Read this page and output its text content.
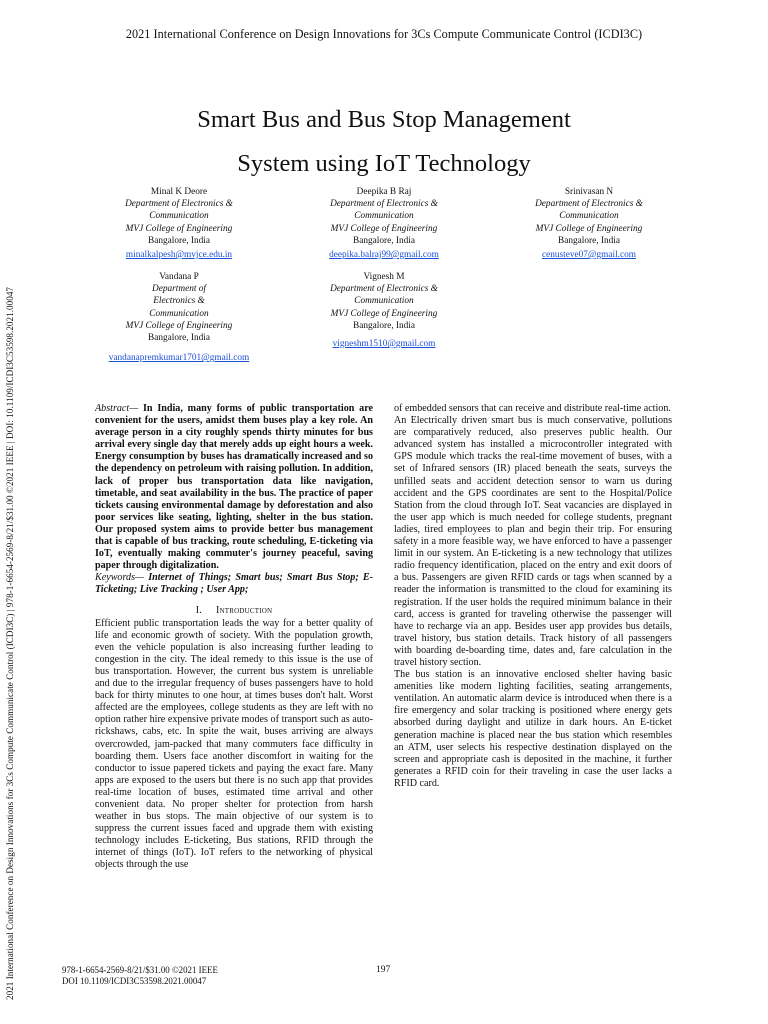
2021 International Conference on Design Innovations for 3Cs Compute Communicate Control (ICDI3C)
2021 International Conference on Design Innovations for 3Cs Compute Communicate Control (ICDI3C) | 978-1-6654-2569-8/21/$31.00 ©2021 IEEE | DOI: 10.1109/ICDI3C53598.2021.00047
Smart Bus and Bus Stop Management
System using IoT Technology
Minal K Deore
Department of Electronics & Communication
MVJ College of Engineering
Bangalore, India
minalkalpesh@mvjce.edu.in
Deepika B Raj
Department of Electronics & Communication
MVJ College of Engineering
Bangalore, India
deepika.balraj99@gmail.com
Srinivasan N
Department of Electronics & Communication
MVJ College of Engineering
Bangalore, India
cenusteve07@gmail.com
Vandana P
Department of Electronics & Communication
MVJ College of Engineering
Bangalore, India
vandanapremkumar1701@gmail.com
Vignesh M
Department of Electronics & Communication
MVJ College of Engineering
Bangalore, India
vigneshm1510@gmail.com

Abstract— In India, many forms of public transportation are convenient for the users, amidst them buses play a key role. An average person in a city roughly spends thirty minutes for bus arrival every single day that merely adds up eight hours a week. Energy consumption by buses has dramatically increased and so the dependency on petroleum with raising pollution. In addition, lack of proper bus transportation data like navigation, timetable, and seat availability in the bus. The practice of paper tickets causing environmental damage by deforestation and also poor services like seating, lighting, shelter in the bus station. Our proposed system aims to provide better bus management that is capable of bus tracking, route scheduling, E-ticketing via IoT, eventually making commuter's journey peaceful, saving paper through digitalization.

Keywords— Internet of Things; Smart bus; Smart Bus Stop; E-Ticketing; Live Tracking ; User App;

I. Introduction

Efficient public transportation leads the way for a better quality of life and economic growth of society. With the population growth, even the vehicle population is also increasing further leading to congestion in the city. The ideal remedy to this issue is the use of bus transportation. However, the current bus system is unreliable and due to the irregular frequency of buses passengers have to hold back for thirty minutes to one hour, at times buses don't halt. Worst affected are the employees, college students as they are left with no option rather hire expensive private modes of transport such as auto-rickshaws, cabs, etc. In spite the wait, buses arriving are always overcrowded, jam-packed that many commuters face difficulty in boarding them. Users face another discomfort in waiting for the conductor to issue papered tickets and paying the exact fare. Many apps are exposed to the users but there is no such app that provides real-time location of buses, estimated time arrival and other convenient data. No proper shelter for protection from harsh weather in bus stops. The main objective of our system is to suppress the current issues faced and upgrade them with existing technology includes E-ticketing, Bus stations, RFID through the internet of things (IoT). IoT refers to the networking of physical objects through the use

of embedded sensors that can receive and distribute real-time action.

An Electrically driven smart bus is much conservative, pollutions are comparatively reduced, also preserves public health. Our advanced system has installed a microcontroller integrated with GPS module which tracks the real-time movement of buses, with a set of Infrared sensors (IR) placed beneath the seats, surveys the unfilled seats and accident detection sensor to warn us during accident and the GPS coordinates are sent to the Hospital/Police Station from the cloud through IoT. Seat vacancies are displayed in the user app which is much needed for college students, pregnant ladies, tired employees to plan and begin their trip. For ensuring safety in a more feasible way, we have enforced to have a passenger limit in our system. An E-ticketing is a new technology that utilizes radio frequency identification, placed on the entry and exit doors of a bus. Passengers are given RFID cards or tags when scanned by a reader the information is transmitted to the cloud for examining its registration. If the user holds the required minimum balance in their card, access is granted for traveling otherwise the passenger will have to recharge via an app. Besides user app provides bus details, travel history, bus station details. Track history of all passengers with boarding de-boarding time, dates and, fare calculation in the travel history section.

The bus station is an innovative enclosed shelter having basic amenities like modern lighting facilities, seating arrangements, ventilation. An automatic alarm device is introduced when there is a fire emergency and solar tracking is positioned where energy gets absorbed during daylight and utilize in dark hours. An E-ticket generation machine is placed near the bus station which resembles an ATM, user selects his respective destination displayed on the screen and appropriate cash is deposited in the machine, it further generates a RFID coin for their traveling in case the user lacks a RFID card.

978-1-6654-2569-8/21/$31.00 ©2021 IEEE
DOI 10.1109/ICDI3C53598.2021.00047
197
